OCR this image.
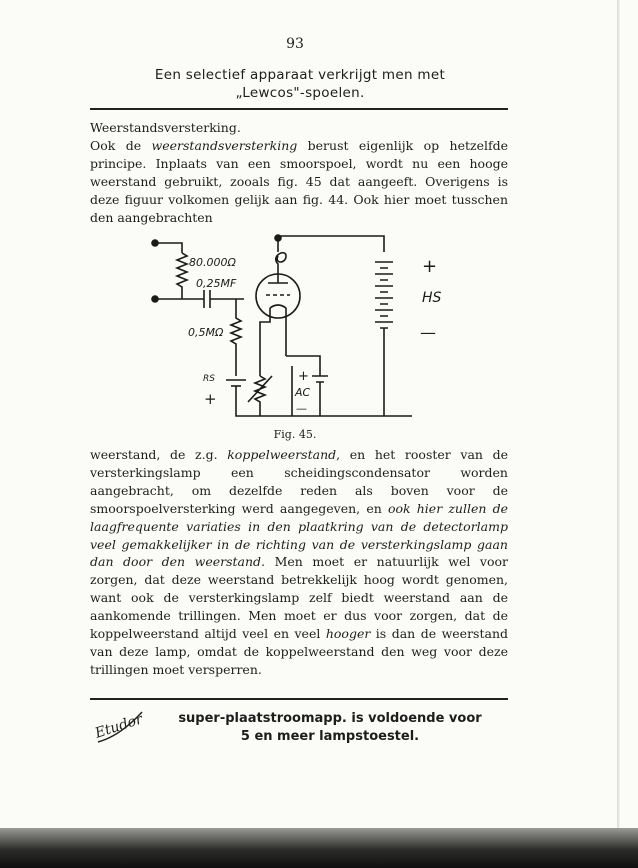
93
Een selectief apparaat verkrijgt men met
„Lewcos"-spoelen.
Weerstandsversterking.

Ook de weerstandsversterking berust eigenlijk op hetzelfde principe. Inplaats van een smoorspoel, wordt nu een hooge weerstand gebruikt, zooals fig. 45 dat aangeeft. Overigens is deze figuur volkomen gelijk aan fig. 44. Ook hier moet tusschen den aangebrachten

80.000Ω
0,25MF
0,5MΩ
RS
+
+
AC
—
+
HS
—
Fig. 45.

weerstand, de z.g. koppelweerstand, en het rooster van de versterkingslamp een scheidingscondensator worden aangebracht, om dezelfde reden als boven voor de smoorspoelversterking werd aangegeven, en ook hier zullen de laagfrequente variaties in den plaatkring van de detectorlamp veel gemakkelijker in de richting van de versterkingslamp gaan dan door den weerstand. Men moet er natuurlijk wel voor zorgen, dat deze weerstand betrekkelijk hoog wordt genomen, want ook de versterkingslamp zelf biedt weerstand aan de aankomende trillingen. Men moet er dus voor zorgen, dat de koppelweerstand altijd veel en veel hooger is dan de weerstand van deze lamp, omdat de koppelweerstand den weg voor deze trillingen moet versperren.

Etudor	super-plaatstroomapp. is voldoende voor
5 en meer lampstoestel.
